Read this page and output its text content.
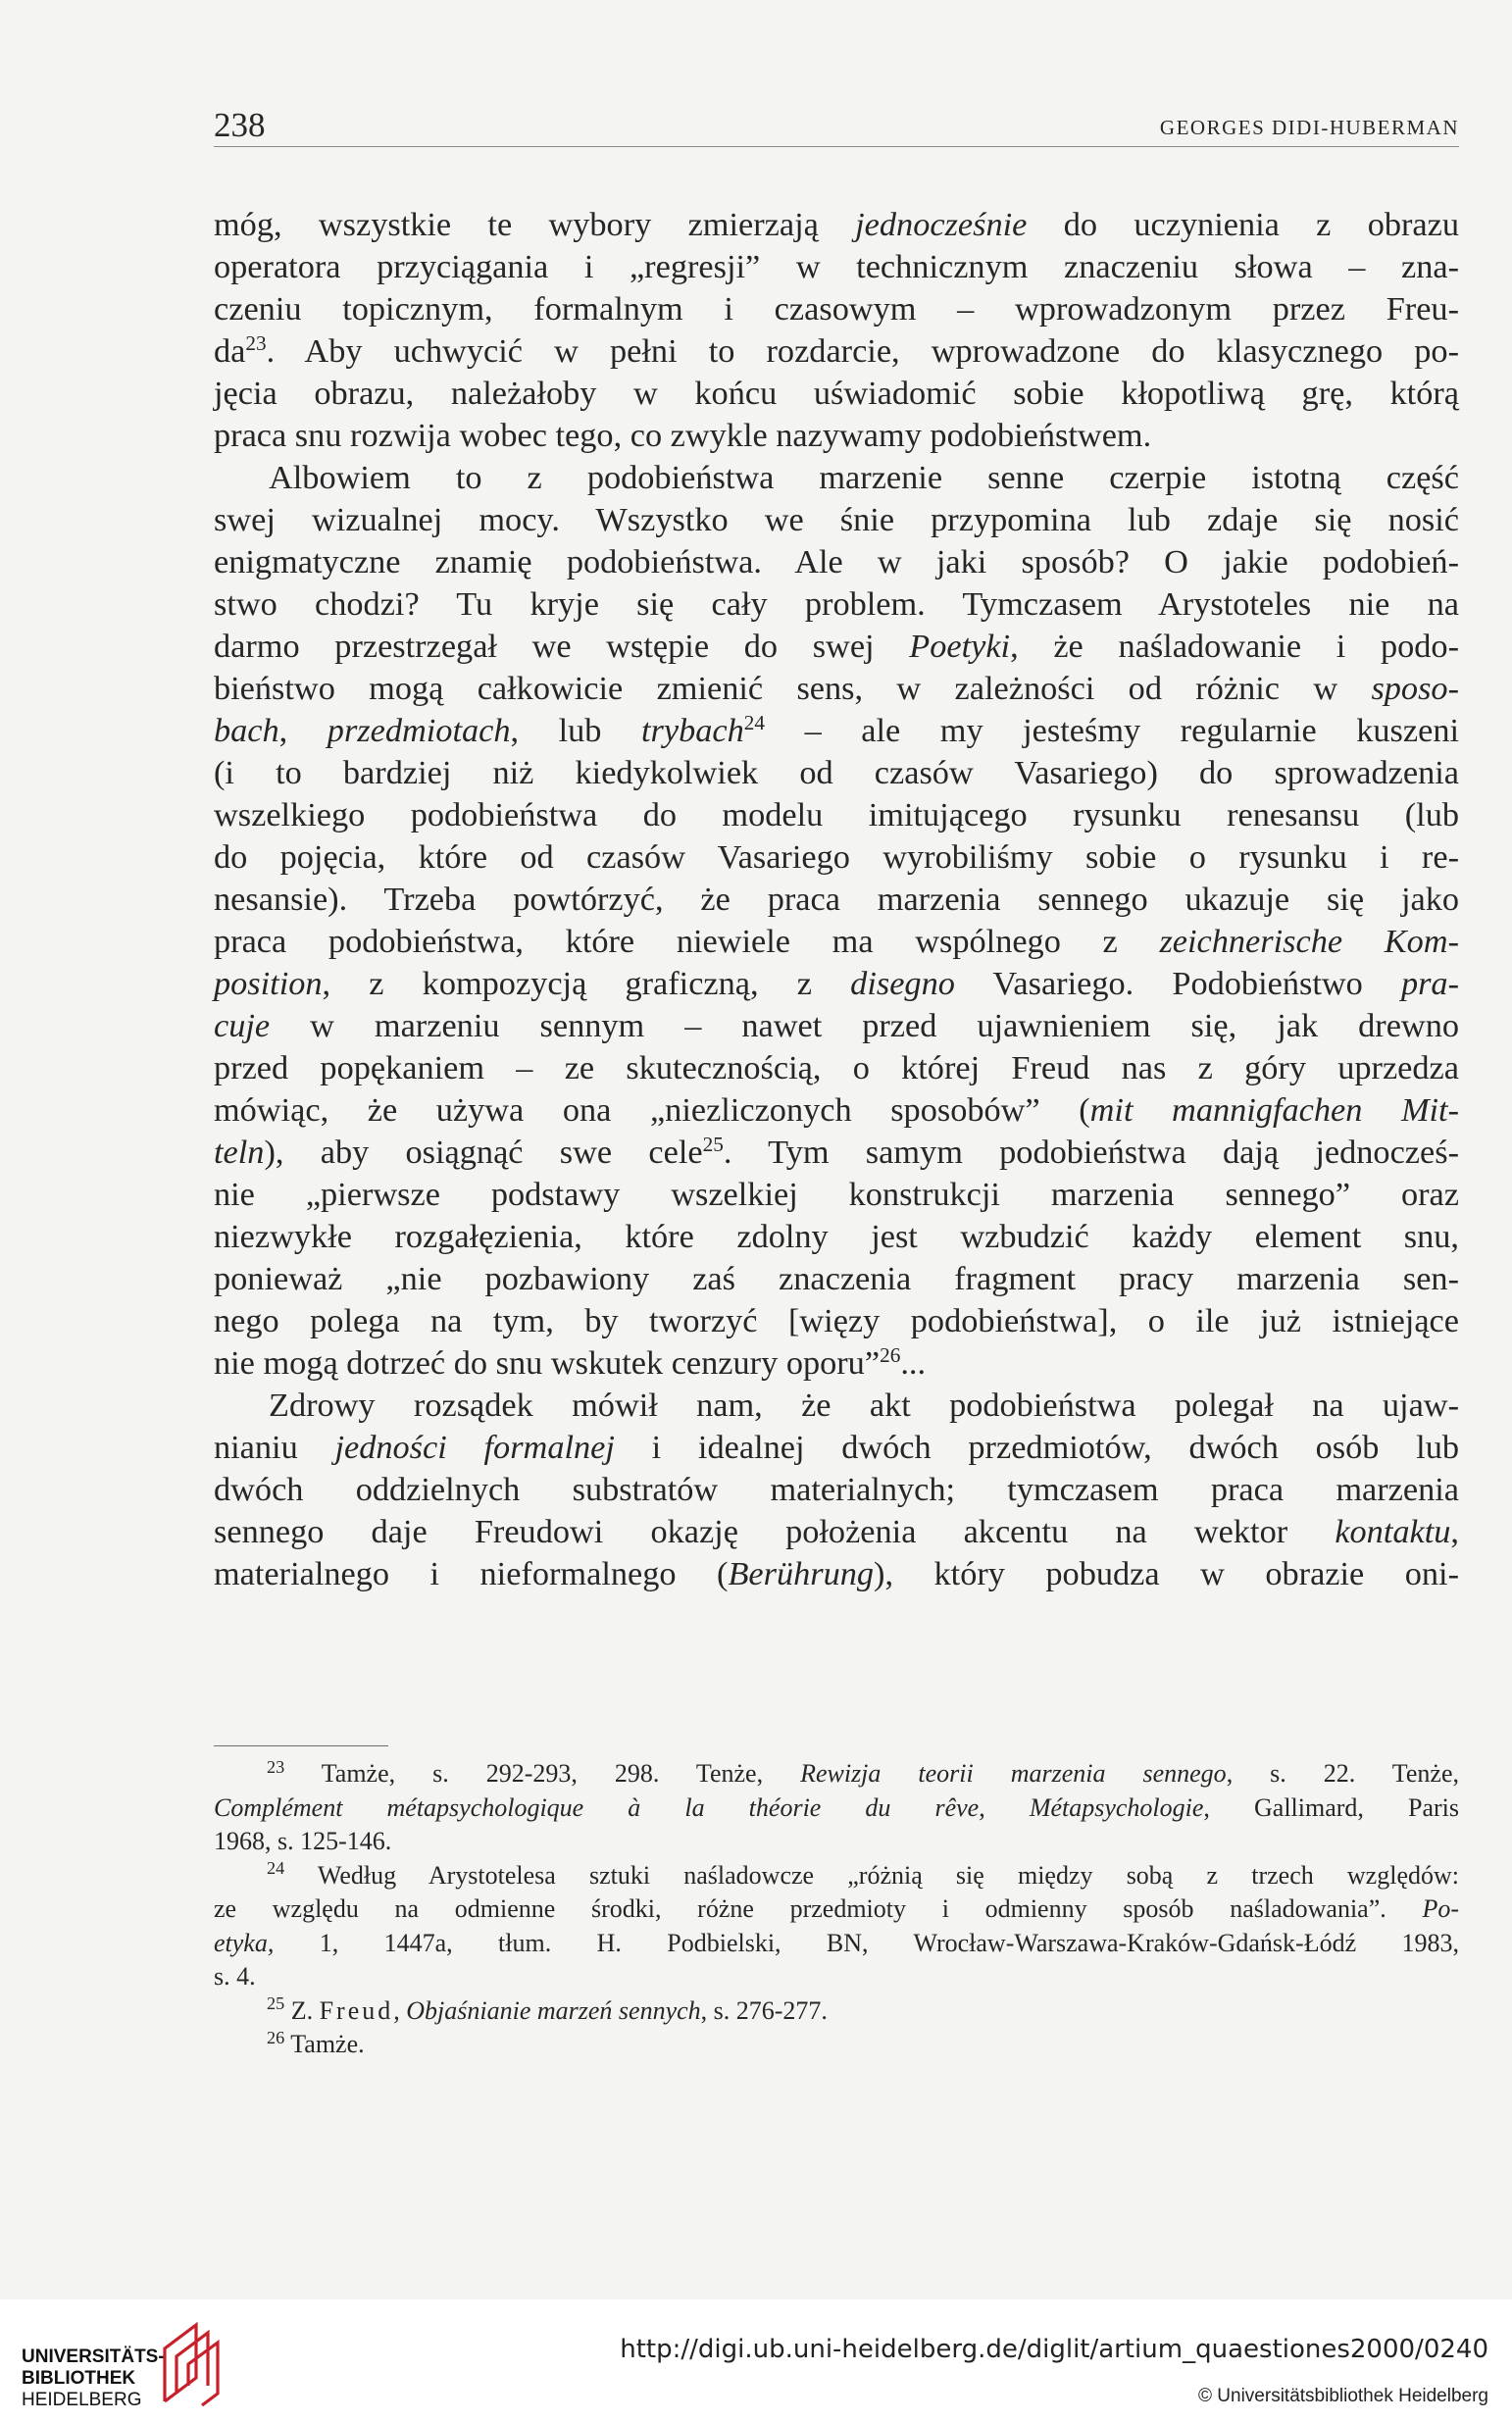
238	GEORGES DIDI-HUBERMAN
móg, wszystkie te wybory zmierzają jednocześnie do uczynienia z obrazu
operatora przyciągania i „regresji” w technicznym znaczeniu słowa – zna-
czeniu topicznym, formalnym i czasowym – wprowadzonym przez Freu-
$da^{23}$. Aby uchwycić w pełni to rozdarcie, wprowadzone do klasycznego po-
jęcia obrazu, należałoby w końcu uświadomić sobie kłopotliwą grę, którą
praca snu rozwija wobec tego, co zwykle nazywamy podobieństwem.
Albowiem to z podobieństwa marzenie senne czerpie istotną część
swej wizualnej mocy. Wszystko we śnie przypomina lub zdaje się nosić
enigmatyczne znamię podobieństwa. Ale w jaki sposób? O jakie podobień-
stwo chodzi? Tu kryje się cały problem. Tymczasem Arystoteles nie na
darmo przestrzegał we wstępie do swej Poetyki, że naśladowanie i podo-
bieństwo mogą całkowicie zmienić sens, w zależności od różnic w sposo-
bach, przedmiotach, lub trybach$^{24}$ – ale my jesteśmy regularnie kuszeni
(i to bardziej niż kiedykolwiek od czasów Vasariego) do sprowadzenia
wszelkiego podobieństwa do modelu imitującego rysunku renesansu (lub
do pojęcia, które od czasów Vasariego wyrobiliśmy sobie o rysunku i re-
nesansie). Trzeba powtórzyć, że praca marzenia sennego ukazuje się jako
praca podobieństwa, które niewiele ma wspólnego z zeichnerische Kom-
position, z kompozycją graficzną, z disegno Vasariego. Podobieństwo pra-
cuje w marzeniu sennym – nawet przed ujawnieniem się, jak drewno
przed popękaniem – ze skutecznością, o której Freud nas z góry uprzedza
mówiąc, że używa ona „niezliczonych sposobów” (mit mannigfachen Mit-
teln), aby osiągnąć swe cele$^{25}$. Tym samym podobieństwa dają jednocześ-
nie „pierwsze podstawy wszelkiej konstrukcji marzenia sennego” oraz
niezwykłe rozgałęzienia, które zdolny jest wzbudzić każdy element snu,
ponieważ „nie pozbawiony zaś znaczenia fragment pracy marzenia sen-
nego polega na tym, by tworzyć [więzy podobieństwa], o ile już istniejące
nie mogą dotrzeć do snu wskutek cenzury oporu”$^{26}$...
Zdrowy rozsądek mówił nam, że akt podobieństwa polegał na ujaw-
nianiu jedności formalnej i idealnej dwóch przedmiotów, dwóch osób lub
dwóch oddzielnych substratów materialnych; tymczasem praca marzenia
sennego daje Freudowi okazję położenia akcentu na wektor kontaktu,
materialnego i nieformalnego (Berührung), który pobudza w obrazie oni-
$^{23}$ Tamże, s. 292-293, 298. Tenże, Rewizja teorii marzenia sennego, s. 22. Tenże,
Complément métapsychologique à la théorie du rêve, Métapsychologie, Gallimard, Paris
1968, s. 125-146.
$^{24}$ Według Arystotelesa sztuki naśladowcze „różnią się między sobą z trzech względów:
ze względu na odmienne środki, różne przedmioty i odmienny sposób naśladowania”. Po-
etyka, 1, 1447a, tłum. H. Podbielski, BN, Wrocław-Warszawa-Kraków-Gdańsk-Łódź 1983,
s. 4.
$^{25}$ Z. Freud, Objaśnianie marzeń sennych, s. 276-277.
$^{26}$ Tamże.
UNIVERSITÄTS-
BIBLIOTHEK
HEIDELBERG
http://digi.ub.uni-heidelberg.de/diglit/artium_quaestiones2000/0240
© Universitätsbibliothek Heidelberg
